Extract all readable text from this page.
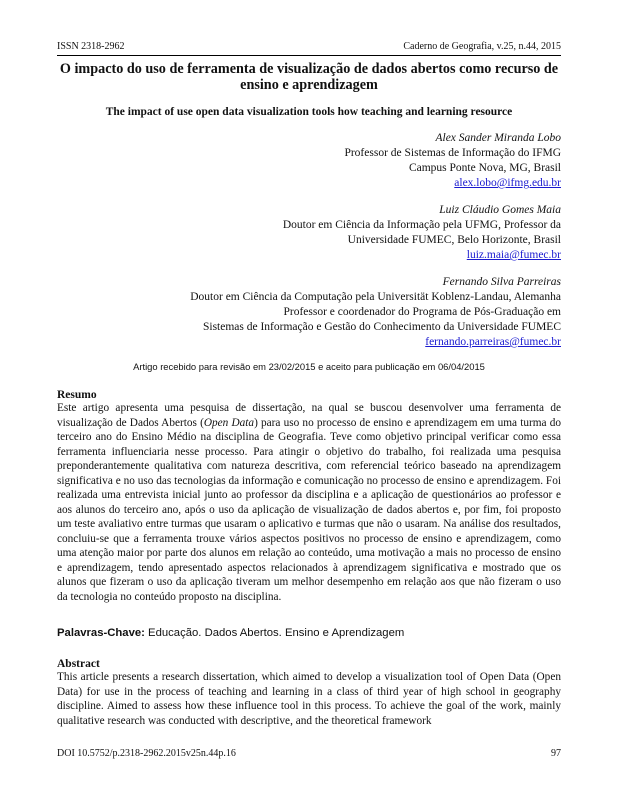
ISSN 2318-2962	Caderno de Geografia, v.25, n.44, 2015
O impacto do uso de ferramenta de visualização de dados abertos como recurso de ensino e aprendizagem
The impact of use open data visualization tools how teaching and learning resource
Alex Sander Miranda Lobo
Professor de Sistemas de Informação do IFMG
Campus Ponte Nova, MG, Brasil
alex.lobo@ifmg.edu.br
Luiz Cláudio Gomes Maia
Doutor em Ciência da Informação pela UFMG, Professor da
Universidade FUMEC, Belo Horizonte, Brasil
luiz.maia@fumec.br
Fernando Silva Parreiras
Doutor em Ciência da Computação pela Universität Koblenz-Landau, Alemanha
Professor e coordenador do Programa de Pós-Graduação em
Sistemas de Informação e Gestão do Conhecimento da Universidade FUMEC
fernando.parreiras@fumec.br
Artigo recebido para revisão em 23/02/2015 e aceito para publicação em 06/04/2015
Resumo

Este artigo apresenta uma pesquisa de dissertação, na qual se buscou desenvolver uma ferramenta de visualização de Dados Abertos (Open Data) para uso no processo de ensino e aprendizagem em uma turma do terceiro ano do Ensino Médio na disciplina de Geografia. Teve como objetivo principal verificar como essa ferramenta influenciaria nesse processo. Para atingir o objetivo do trabalho, foi realizada uma pesquisa preponderantemente qualitativa com natureza descritiva, com referencial teórico baseado na aprendizagem significativa e no uso das tecnologias da informação e comunicação no processo de ensino e aprendizagem. Foi realizada uma entrevista inicial junto ao professor da disciplina e a aplicação de questionários ao professor e aos alunos do terceiro ano, após o uso da aplicação de visualização de dados abertos e, por fim, foi proposto um teste avaliativo entre turmas que usaram o aplicativo e turmas que não o usaram. Na análise dos resultados, concluiu-se que a ferramenta trouxe vários aspectos positivos no processo de ensino e aprendizagem, como uma atenção maior por parte dos alunos em relação ao conteúdo, uma motivação a mais no processo de ensino e aprendizagem, tendo apresentado aspectos relacionados à aprendizagem significativa e mostrado que os alunos que fizeram o uso da aplicação tiveram um melhor desempenho em relação aos que não fizeram o uso da tecnologia no conteúdo proposto na disciplina.

Palavras-Chave: Educação. Dados Abertos. Ensino e Aprendizagem
Abstract

This article presents a research dissertation, which aimed to develop a visualization tool of Open Data (Open Data) for use in the process of teaching and learning in a class of third year of high school in geography discipline. Aimed to assess how these influence tool in this process. To achieve the goal of the work, mainly qualitative research was conducted with descriptive, and the theoretical framework

DOI 10.5752/p.2318-2962.2015v25n.44p.16	97
